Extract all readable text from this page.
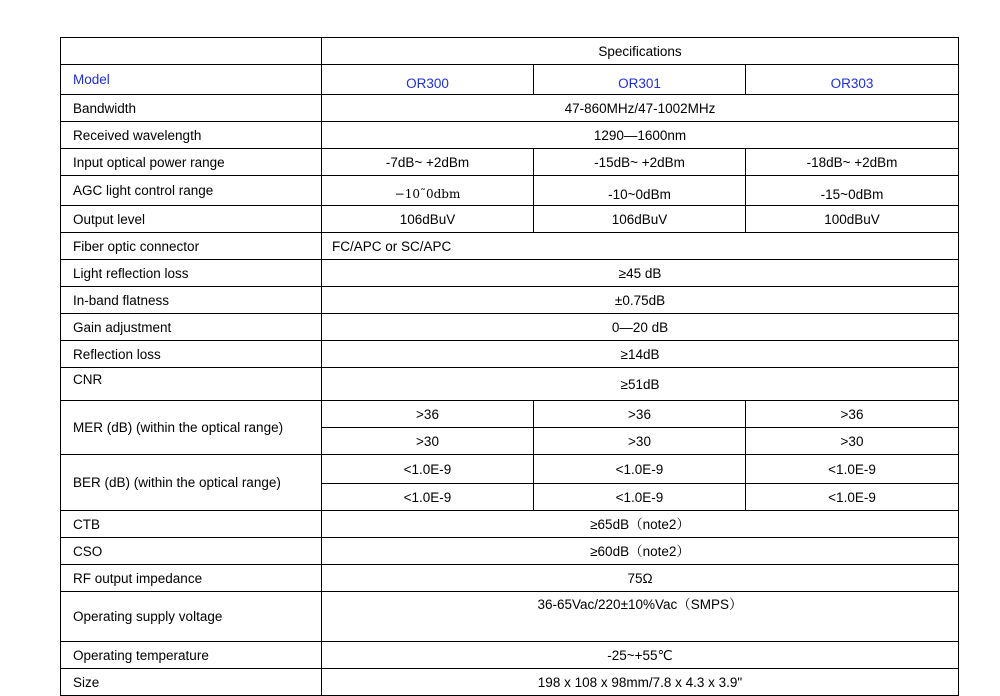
	Specifications		
Model	OR300	OR301	OR303
Bandwidth	47-860MHz/47-1002MHz		
Received wavelength	1290—1600nm		
Input optical power range	-7dB~ +2dBm	-15dB~ +2dBm	-18dB~ +2dBm
AGC light control range	−10˜0dbm	-10~0dBm	-15~0dBm
Output level	106dBuV	106dBuV	100dBuV
Fiber optic connector	FC/APC or SC/APC		
Light reflection loss	≥45 dB		
In-band flatness	±0.75dB		
Gain adjustment	0—20 dB		
Reflection loss	≥14dB		
CNR	≥51dB		
MER (dB) (within the optical range)	>36	>36	>36
	>30	>30	>30
BER (dB) (within the optical range)	<1.0E-9	<1.0E-9	<1.0E-9
	<1.0E-9	<1.0E-9	<1.0E-9
CTB	≥65dB（note2）		
CSO	≥60dB（note2）		
RF output impedance	75Ω		
Operating supply voltage	36-65Vac/220±10%Vac（SMPS）		
Operating temperature	-25~+55℃		
Size	198 x 108 x 98mm/7.8 x 4.3 x 3.9"		
